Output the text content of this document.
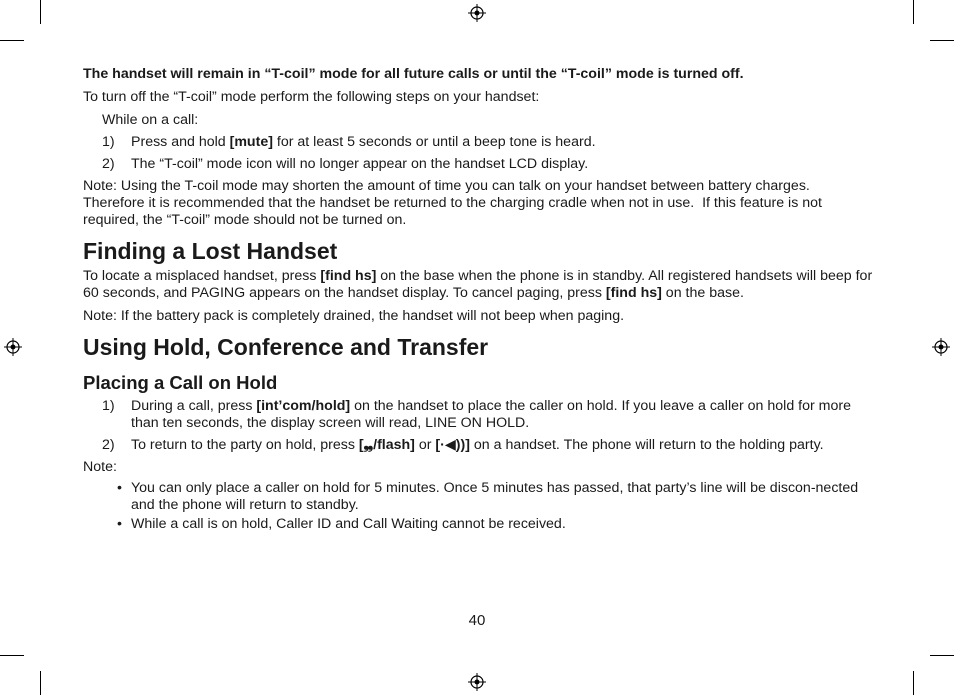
The handset will remain in “T-coil” mode for all future calls or until the “T-coil” mode is turned off.

To turn off the “T-coil” mode perform the following steps on your handset:

While on a call:

1)	Press and hold [mute] for at least 5 seconds or until a beep tone is heard.
2)	The “T-coil” mode icon will no longer appear on the handset LCD display.

Note: Using the T-coil mode may shorten the amount of time you can talk on your handset between battery charges. Therefore it is recommended that the handset be returned to the charging cradle when not in use.  If this feature is not required, the “T-coil” mode should not be turned on.

Finding a Lost Handset

To locate a misplaced handset, press [find hs] on the base when the phone is in standby. All registered handsets will beep for 60 seconds, and PAGING appears on the handset display. To cancel paging, press [find hs] on the base.

Note: If the battery pack is completely drained, the handset will not beep when paging.

Using Hold, Conference and Transfer
Placing a Call on Hold
1)	During a call, press [int’com/hold] on the handset to place the caller on hold. If you leave a caller on hold for more than ten seconds, the display screen will read, LINE ON HOLD.
2)	To return to the party on hold, press [❠/flash] or [·◀))] on a handset. The phone will return to the holding party.

Note:

• You can only place a caller on hold for 5 minutes. Once 5 minutes has passed, that party’s line will be discon-nected and the phone will return to standby.
• While a call is on hold, Caller ID and Call Waiting cannot be received.
40
